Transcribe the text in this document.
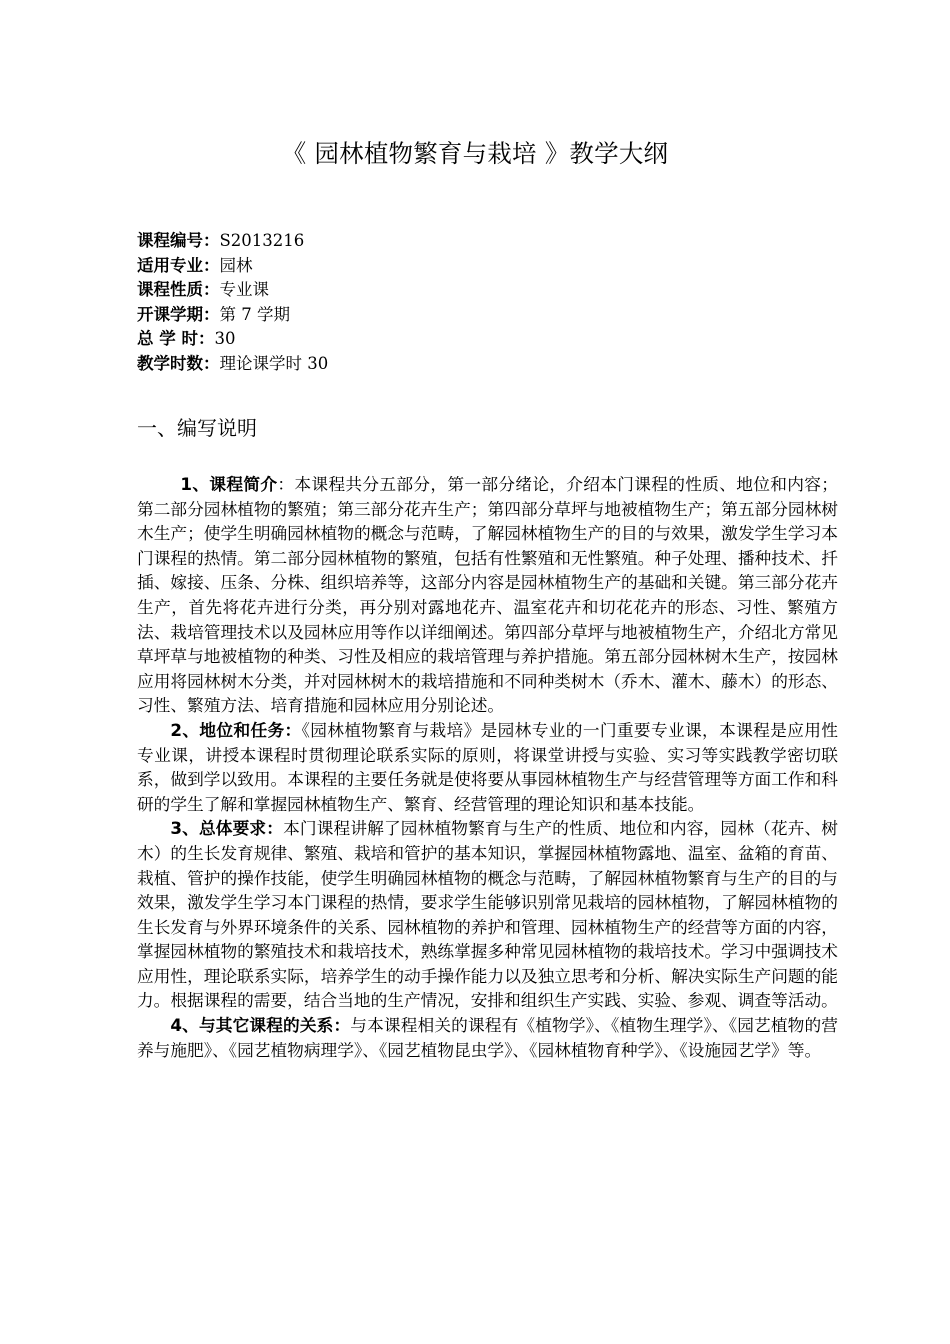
《 园林植物繁育与栽培 》教学大纲
课程编号：S2013216
适用专业：园林
课程性质：专业课
开课学期：第 7 学期
总 学 时：30
教学时数：理论课学时 30
一、编写说明

1、课程简介：本课程共分五部分，第一部分绪论，介绍本门课程的性质、地位和内容；第二部分园林植物的繁殖；第三部分花卉生产；第四部分草坪与地被植物生产；第五部分园林树木生产；使学生明确园林植物的概念与范畴，了解园林植物生产的目的与效果，激发学生学习本门课程的热情。第二部分园林植物的繁殖，包括有性繁殖和无性繁殖。种子处理、播种技术、扦插、嫁接、压条、分株、组织培养等，这部分内容是园林植物生产的基础和关键。第三部分花卉生产，首先将花卉进行分类，再分别对露地花卉、温室花卉和切花花卉的形态、习性、繁殖方法、栽培管理技术以及园林应用等作以详细阐述。第四部分草坪与地被植物生产，介绍北方常见草坪草与地被植物的种类、习性及相应的栽培管理与养护措施。第五部分园林树木生产，按园林应用将园林树木分类，并对园林树木的栽培措施和不同种类树木（乔木、灌木、藤木）的形态、习性、繁殖方法、培育措施和园林应用分别论述。

2、地位和任务：《园林植物繁育与栽培》是园林专业的一门重要专业课，本课程是应用性专业课，讲授本课程时贯彻理论联系实际的原则，将课堂讲授与实验、实习等实践教学密切联系，做到学以致用。本课程的主要任务就是使将要从事园林植物生产与经营管理等方面工作和科研的学生了解和掌握园林植物生产、繁育、经营管理的理论知识和基本技能。

3、总体要求：本门课程讲解了园林植物繁育与生产的性质、地位和内容，园林（花卉、树木）的生长发育规律、繁殖、栽培和管护的基本知识，掌握园林植物露地、温室、盆箱的育苗、栽植、管护的操作技能，使学生明确园林植物的概念与范畴，了解园林植物繁育与生产的目的与效果，激发学生学习本门课程的热情，要求学生能够识别常见栽培的园林植物，了解园林植物的生长发育与外界环境条件的关系、园林植物的养护和管理、园林植物生产的经营等方面的内容，掌握园林植物的繁殖技术和栽培技术，熟练掌握多种常见园林植物的栽培技术。学习中强调技术应用性，理论联系实际，培养学生的动手操作能力以及独立思考和分析、解决实际生产问题的能力。根据课程的需要，结合当地的生产情况，安排和组织生产实践、实验、参观、调查等活动。

4、与其它课程的关系：与本课程相关的课程有《植物学》、《植物生理学》、《园艺植物的营养与施肥》、《园艺植物病理学》、《园艺植物昆虫学》、《园林植物育种学》、《设施园艺学》等。
